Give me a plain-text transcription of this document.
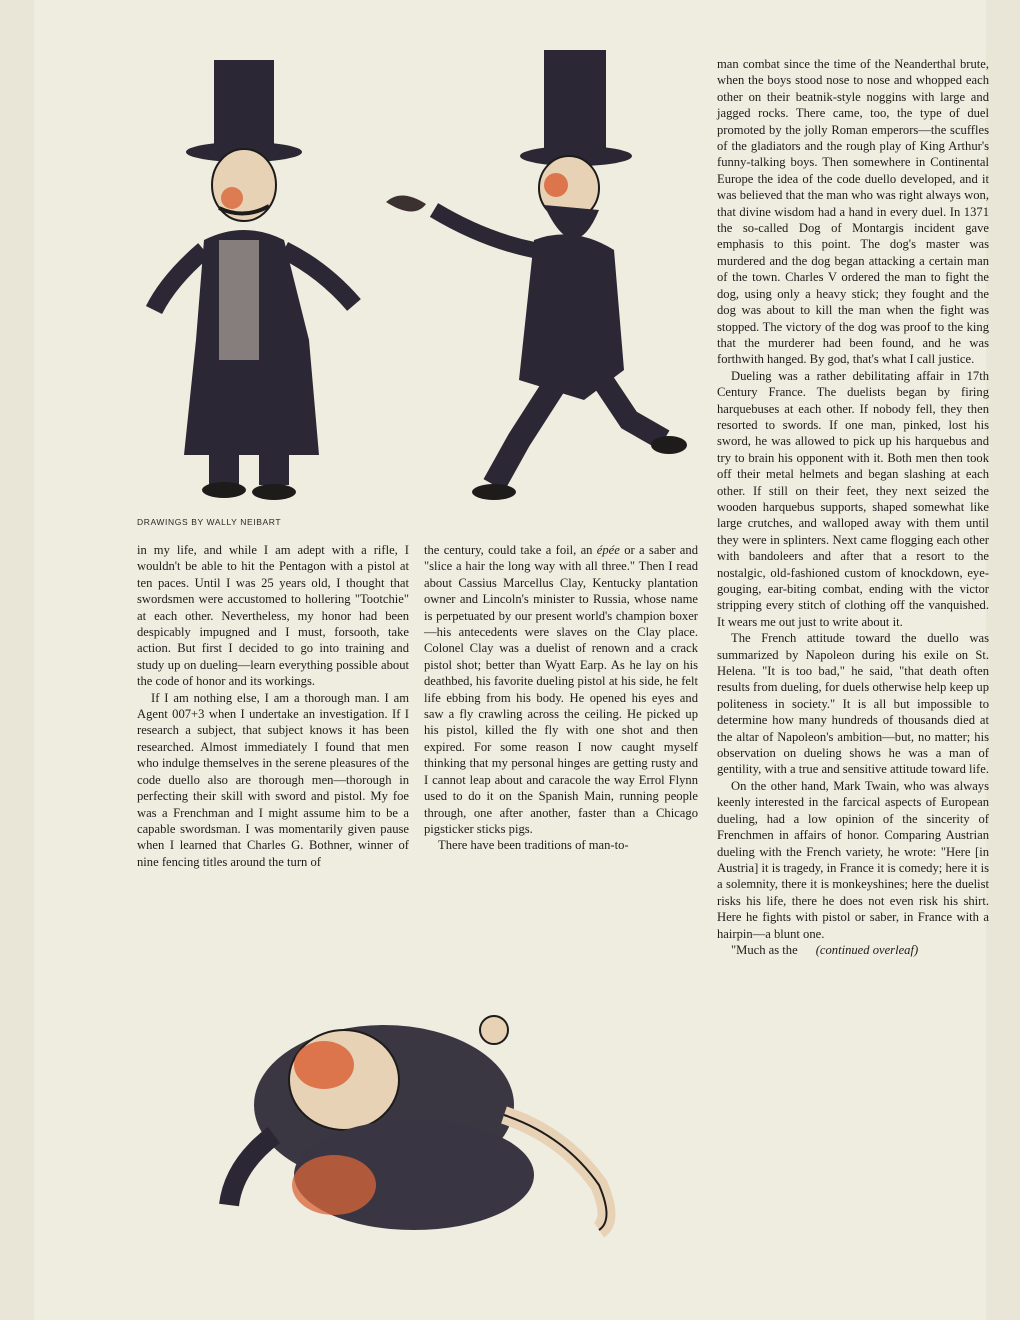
DRAWINGS BY WALLY NEIBART

in my life, and while I am adept with a rifle, I wouldn't be able to hit the Pentagon with a pistol at ten paces. Until I was 25 years old, I thought that swordsmen were accustomed to hollering "Tootchie" at each other. Nevertheless, my honor had been despicably impugned and I must, forsooth, take action. But first I decided to go into training and study up on dueling—learn everything possible about the code of honor and its workings.

If I am nothing else, I am a thorough man. I am Agent 007+3 when I undertake an investigation. If I research a subject, that subject knows it has been researched. Almost immediately I found that men who indulge themselves in the serene pleasures of the code duello also are thorough men—thorough in perfecting their skill with sword and pistol. My foe was a Frenchman and I might assume him to be a capable swordsman. I was momentarily given pause when I learned that Charles G. Bothner, winner of nine fencing titles around the turn of

the century, could take a foil, an épée or a saber and "slice a hair the long way with all three." Then I read about Cassius Marcellus Clay, Kentucky plantation owner and Lincoln's minister to Russia, whose name is perpetuated by our present world's champion boxer—his antecedents were slaves on the Clay place. Colonel Clay was a duelist of renown and a crack pistol shot; better than Wyatt Earp. As he lay on his deathbed, his favorite dueling pistol at his side, he felt life ebbing from his body. He opened his eyes and saw a fly crawling across the ceiling. He picked up his pistol, killed the fly with one shot and then expired. For some reason I now caught myself thinking that my personal hinges are getting rusty and I cannot leap about and caracole the way Errol Flynn used to do it on the Spanish Main, running people through, one after another, faster than a Chicago pigsticker sticks pigs.

There have been traditions of man-to-

man combat since the time of the Neanderthal brute, when the boys stood nose to nose and whopped each other on their beatnik-style noggins with large and jagged rocks. There came, too, the type of duel promoted by the jolly Roman emperors—the scuffles of the gladiators and the rough play of King Arthur's funny-talking boys. Then somewhere in Continental Europe the idea of the code duello developed, and it was believed that the man who was right always won, that divine wisdom had a hand in every duel. In 1371 the so-called Dog of Montargis incident gave emphasis to this point. The dog's master was murdered and the dog began attacking a certain man of the town. Charles V ordered the man to fight the dog, using only a heavy stick; they fought and the dog was about to kill the man when the fight was stopped. The victory of the dog was proof to the king that the murderer had been found, and he was forthwith hanged. By god, that's what I call justice.

Dueling was a rather debilitating affair in 17th Century France. The duelists began by firing harquebuses at each other. If nobody fell, they then resorted to swords. If one man, pinked, lost his sword, he was allowed to pick up his harquebus and try to brain his opponent with it. Both men then took off their metal helmets and began slashing at each other. If still on their feet, they next seized the wooden harquebus supports, shaped somewhat like large crutches, and walloped away with them until they were in splinters. Next came flogging each other with bandoleers and after that a resort to the nostalgic, old-fashioned custom of knockdown, eye-gouging, ear-biting combat, ending with the victor stripping every stitch of clothing off the vanquished. It wears me out just to write about it.

The French attitude toward the duello was summarized by Napoleon during his exile on St. Helena. "It is too bad," he said, "that death often results from dueling, for duels otherwise help keep up politeness in society." It is all but impossible to determine how many hundreds of thousands died at the altar of Napoleon's ambition—but, no matter; his observation on dueling shows he was a man of gentility, with a true and sensitive attitude toward life.

On the other hand, Mark Twain, who was always keenly interested in the farcical aspects of European dueling, had a low opinion of the sincerity of Frenchmen in affairs of honor. Comparing Austrian dueling with the French variety, he wrote: "Here [in Austria] it is tragedy, in France it is comedy; here it is a solemnity, there it is monkeyshines; here the duelist risks his life, there he does not even risk his shirt. Here he fights with pistol or saber, in France with a hairpin—a blunt one.

"Much as the (continued overleaf)
